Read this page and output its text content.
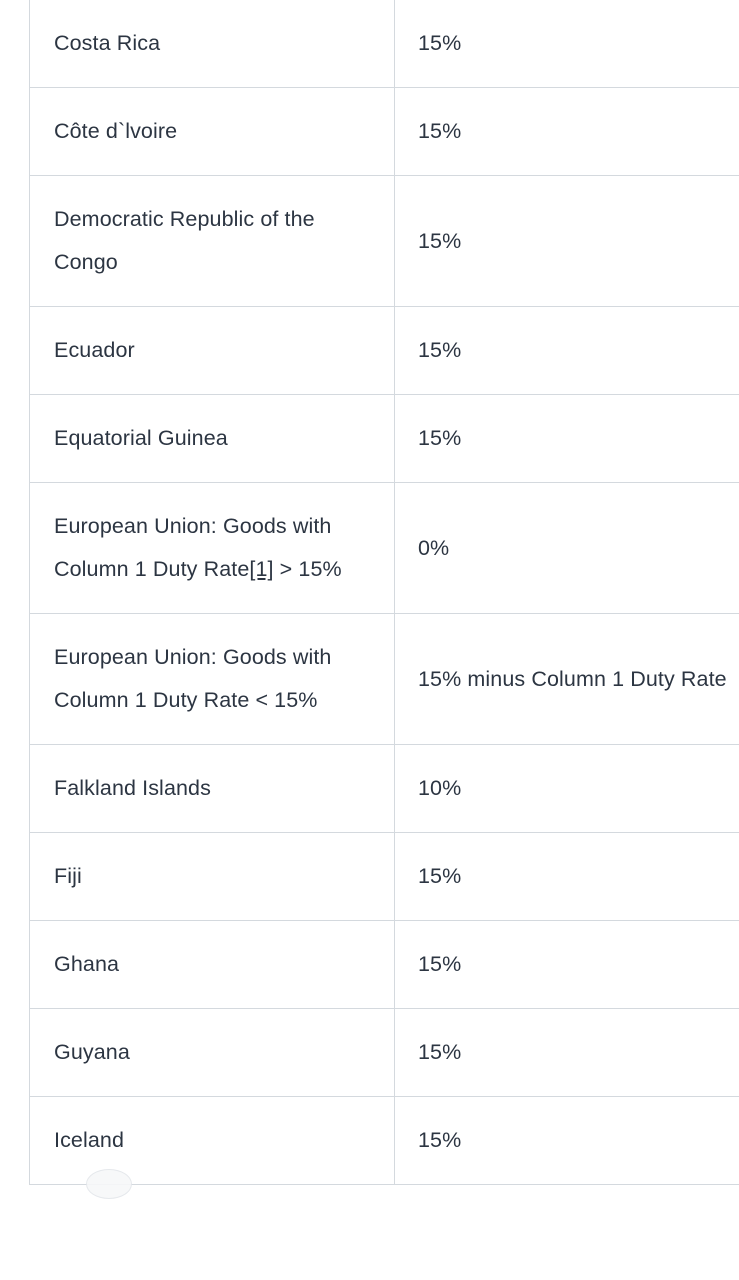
Costa Rica	15%

Côte d`lvoire	15%

Democratic Republic of the Congo	15%

Ecuador	15%

Equatorial Guinea	15%

European Union: Goods with Column 1 Duty Rate[1] > 15%	0%

European Union: Goods with Column 1 Duty Rate < 15%	15% minus Column 1 Duty Rate

Falkland Islands	10%

Fiji	15%

Ghana	15%

Guyana	15%

Iceland	15%
